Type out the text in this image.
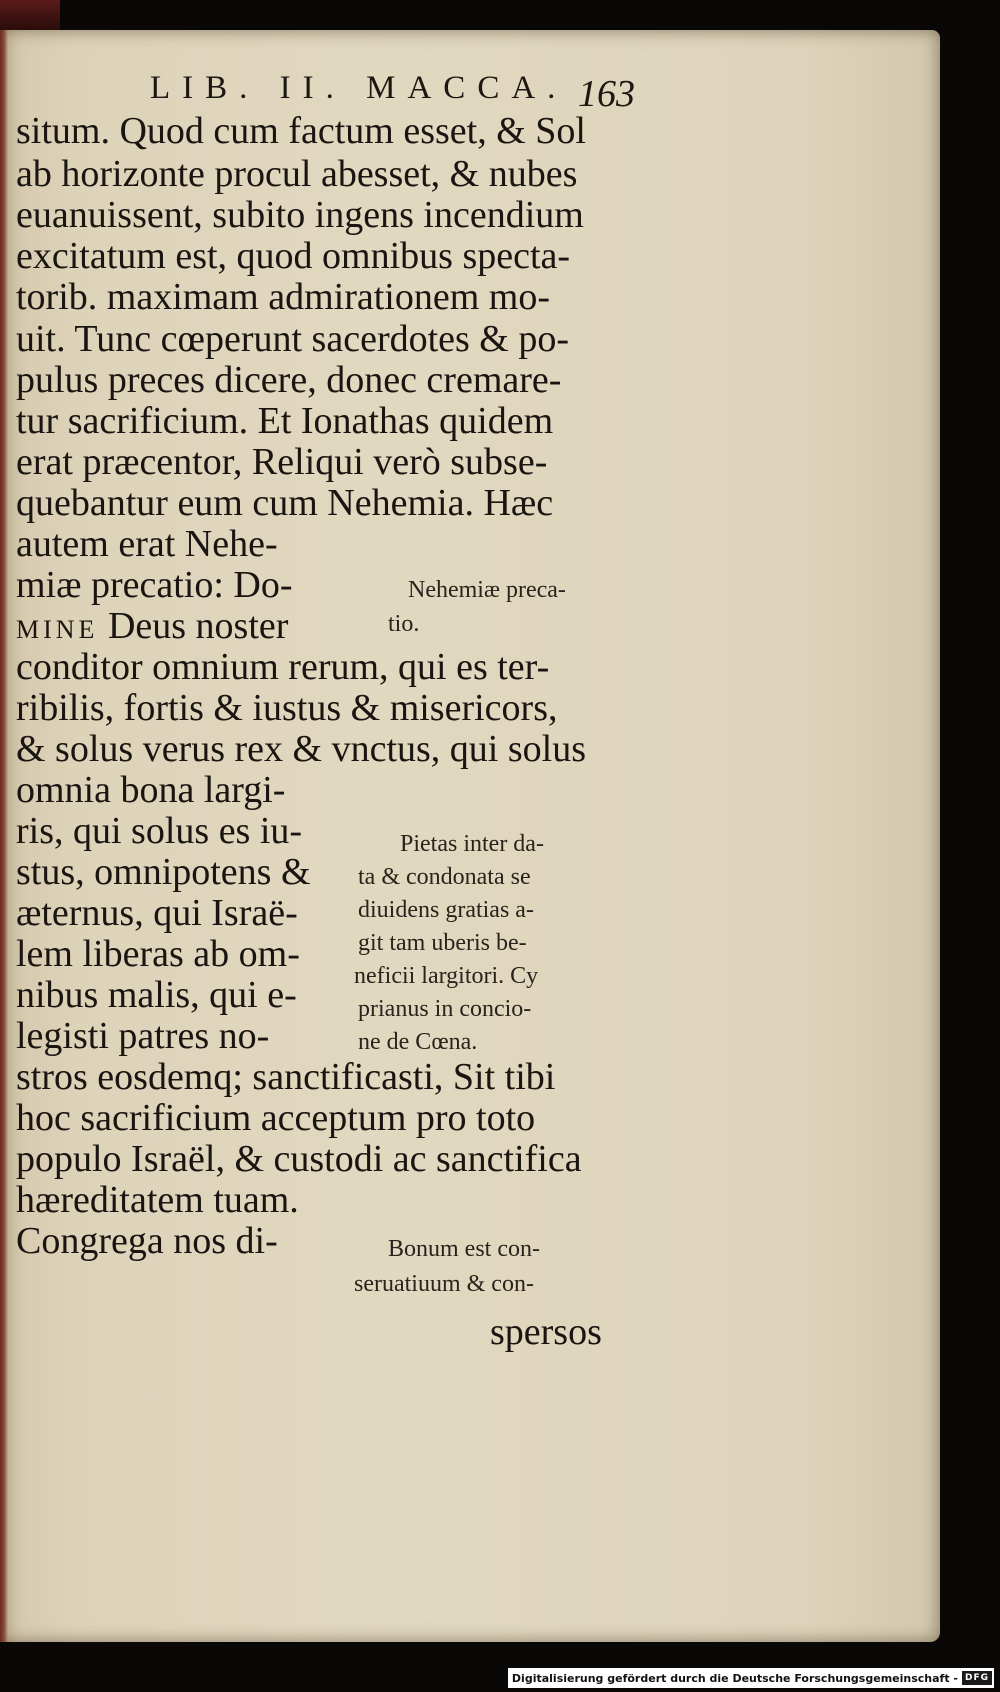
LIB. II. MACCA. 163
situm. Quod cum factum esset, & Sol
ab horizonte procul abesset, & nubes
euanuissent, subito ingens incendium
excitatum est, quod omnibus specta-
torib. maximam admirationem mo-
uit. Tunc cœperunt sacerdotes & po-
pulus preces dicere, donec cremare-
tur sacrificium. Et Ionathas quidem
erat præcentor, Reliqui verò subse-
quebantur eum cum Nehemia. Hæc
autem erat Nehe-
miæ precatio: Do-
MINE Deus noster
conditor omnium rerum, qui es ter-
ribilis, fortis & iustus & misericors,
& solus verus rex & vnctus, qui solus
omnia bona largi-
ris, qui solus es iu-
stus, omnipotens &
æternus, qui Israë-
lem liberas ab om-
nibus malis, qui e-
legisti patres no-
stros eosdemq; sanctificasti, Sit tibi
hoc sacrificium acceptum pro toto
populo Israël, & custodi ac sanctifica
hæreditatem tuam.
Congrega nos di-
Nehemiæ preca-
tio.
Pietas inter da-
ta & condonata se
diuidens gratias a-
git tam uberis be-
neficii largitori. Cy
prianus in concio-
ne de Cœna.
Bonum est con-
seruatiuum & con-
spersos
Digitalisierung gefördert durch die Deutsche Forschungsgemeinschaft - DFG
